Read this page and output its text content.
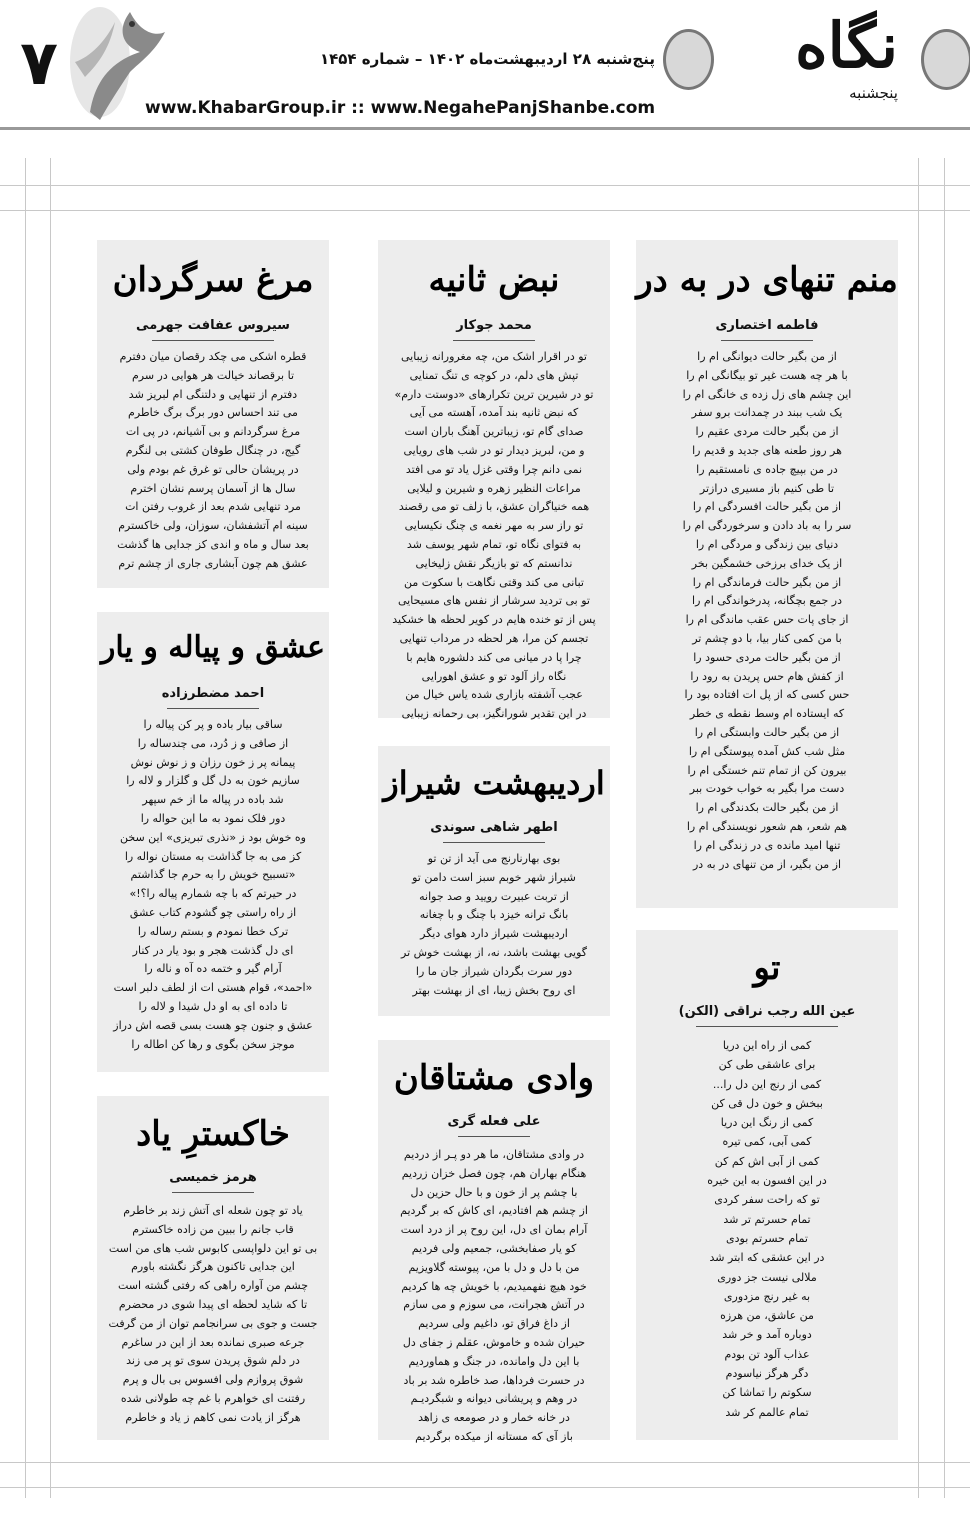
۷
www.KhabarGroup.ir :: www.NegahePanjShanbe.com
پنج‌شنبه ۲۸ اردیبهشت‌ماه ۱۴۰۲ – شماره ۱۴۵۴ نگاه
پنجشنبه
منم تنهای در به در
فاطمه اختصاری
از من بگیر حالت دیوانگی ام را
با هر چه هست غیر تو بیگانگی ام را
این چشم های زل زده ی خانگی ام را
یک شب ببند در چمدانت برو سفر
از من بگیر حالت مردی عقیم را
هر روز طعنه های جدید و قدیم را
در من بپیچ جاده ی نامستقیم را
تا طی کنیم باز مسیری درازتر
از من بگیر حالت افسردگی ام را
سر را به باد دادن و سرخوردگی ام را
دنیای بین زندگی و مردگی ام را
از یک خدای برزخی خشمگین بخر
از من بگیر حالت فرماندگی ام را
در جمع بچگانه، پدرخواندگی ام را
از جای پات حس عقب ماندگی ام را
با من کمی کنار بیا، با دو چشم تر
از من بگیر حالت مردی حسود را
از کفش هام حس پریدن به رود را
حس کسی که از پل ات افتاده بود را
که ایستاده ام وسط نقطه ی خطر
از من بگیر حالت وابستگی ام را
مثل شب کش آمده پیوستگی ام را
بیرون کن از تمام تنم خستگی ام را
دست مرا بگیر به خواب خودت ببر
از من بگیر حالت بکدندگی ام را
هم شعر، هم شعور نویسندگی ام را
تنها امید مانده ی در زندگی ام را
از من بگیر، از من تنهای در به در
نبض ثانیه
محمد جوکار
تو در اقرار اشک من، چه مغرورانه زیبایی
تپش های دلم، در کوچه ی تنگ تمنایی
تو در شیرین ترین تکرارهای «دوستت دارم»
که نبض ثانیه بند آمده، آهسته می آیی
صدای گام تو، زیباترین آهنگ باران است
و من، لبریز دیدار تو در شب های رویایی
نمی دانم چرا وقتی غزل یاد تو می افتد
مراعات النظیر زهره و شیرین و لیلایی
همه خنیاگران عشق، با زلف تو می رقصند
تو راز سر به مهر نغمه ی چنگ نکیسایی
به فتوای نگاه تو، تمام شهر یوسف شد
ندانستم که تو بازیگر نقش زلیخایی
تبانی می کند وقتی نگاهت با سکوت من
تو بی تردید سرشار از نفس های مسیحایی
پس از تو خنده هایم در کویر لحظه ها خشکید
تجسم کن مرا، هر لحظه در مرداب تنهایی
چرا پا در میانی می کند دلشوره هایم با
نگاه راز آلود تو و عشق اهورایی
عجب آشفته بازاری شده یاس خیال من
در این تقدیر شورانگیز، بی رحمانه زیبایی
مرغ سرگردان
سیروس عفافت جهرمی
قطره اشکی می چکد رقصان میان دفترم
تا برقصاند خیالت هر هوایی در سرم
دفترم از تنهایی و دلتنگی ام لبریز شد
می تند احساس دور برگ برگ خاطرم
مرغ سرگردانم و بی آشیانم، در پی ات
گیج، در چنگال طوفان کشتی بی لنگرم
در پریشان حالی تو غرق غم بودم ولی
سال ها از آسمان پرسم نشان اخترم
مرد تنهایی شدم بعد از غروب رفتن ات
سینه ام آتشفشان، سوزان، ولی خاکسترم
بعد سال و ماه و اندی کز جدایی ها گذشت
عشق هم چون آبشاری جاری از چشم ترم
عشق و پیاله و یار
احمد مضطرزاده
ساقی بیار باده و پر کن پیاله را
از صافی و ز دُرد، می چندساله را
پیمانه پر ز خون رزان و ز نوش نوش
سازیم خون به دل گل و گلزار و لاله را
شد باده در پیاله ما از خم سپهر
دور فلک نمود به ما این حواله را
وه خوش بود ز «نذری تبریزی» این سخن
کز می به جا گذاشت به مستان نواله را
«تسبیح خویش را به حرم جا گذاشتم
در حیرتم که با چه شمارم پیاله را؟!»
از راه راستی چو گشودم کتاب عشق
ترک خطا نمودم و بستم رساله را
ای دل گذشت هجر و بود یار در کنار
آرام گیر و ختمه ده آه و ناله را
«احمد»، قوام هستی ات از لطف دلبر است
تا داده ای به او دل شیدا و لاله را
عشق و جنون چو هست بسی قصه اش دراز
موجز سخن بگوی و رها کن اطاله را
اردیبهشت شیراز
اطهر شاهی سوندی
بوی بهارنارنج می آید از تن تو
شیراز شهر خوبم سبز است دامن تو
از تربت عبیرت رویید و صد جوانه
بانگ ترانه خیزد با چنگ و با چغانه
اردیبهشت شیراز دارد هوای دیگر
گویی بهشت باشد، نه، از بهشت خوش تر
دور سرت بگردان شیراز جان ما را
ای روح بخش زیبا، ای از بهشت بهتر
تو
عین الله رجب نراقی (الکن)
کمی از راه این دریا
برای عاشقی طی کن
کمی از رنج این دل را...
ببخش و خون دل قی کن
کمی از رنگ این دریا
کمی آبی، کمی تیره
کمی از آبی اش کم کن
در این افسون به این خیره
تو که راحت سفر کردی
تمام حسرتم تر شد
تمام حسرتم بودی
در این عشقی که ابتر شد
ملالی نیست جز دوری
به غیر رنج مزدوری
من عاشق، من هرزه
دوباره آمد و خر شد
عذاب آلود تن بودم
دگر هرگز نیاسودم
سکوتم را تماشا کن
تمام عالمم کر شد
وادی مشتاقان
علی فعله گری
در وادی مشتاقان، ما هر دو پـر از دردیم
هنگام بهاران هم، چون فصل خزان زردیم
با چشم پر از خون و با حال حزین دل
از چشم هم افتادیم، ای کاش که بر گردیم
آرام بمان ای دل، این روح پر از درد است
کو یار صفابخشی، جمعیم ولی فردیم
من با دل و دل با من، پیوسته گلاویزیم
خود هیچ نفهمیدیم، با خویش چه ها کردیم
در آتش هجرانت، می سوزم و می سازم
از داغ فراق تو، داغیم ولی سردیم
حیران شده و خاموش، عقلم ز جفای دل
با این دل وامانده، در جنگ و هماوردیم
در حسرت فرداها، صد خاطره شد بر باد
در وهم و پریشانی دیوانه و شبگردیـم
در خانه خمار و در صومعه ی زاهد
باز آی که مستانه از میکده برگردیم
خاکسترِ یاد
هرمز خمیسی
یاد تو چون شعله ای آتش زند بر خاطرم
قاب جانم را ببین من زاده خاکسترم
بی تو این دلواپسی کابوس شب های من است
این جدایی تاکنون هرگز نگشته باورم
چشم من آواره راهی که رفتی گشته است
تا که شاید لحظه ای پیدا شوی در محضرم
جست و جوی بی سرانجامم توان از من گرفت
جرعه صبری نمانده بعد از این در ساغرم
در دلم شوق پریدن سوی تو پر می زند
شوق پروازم ولی افسوس بی بال و پرم
رفتنت ای خواهرم با غم چه طولانی شده
هرگز از یادت نمی کاهم ز یاد و خاطرم
